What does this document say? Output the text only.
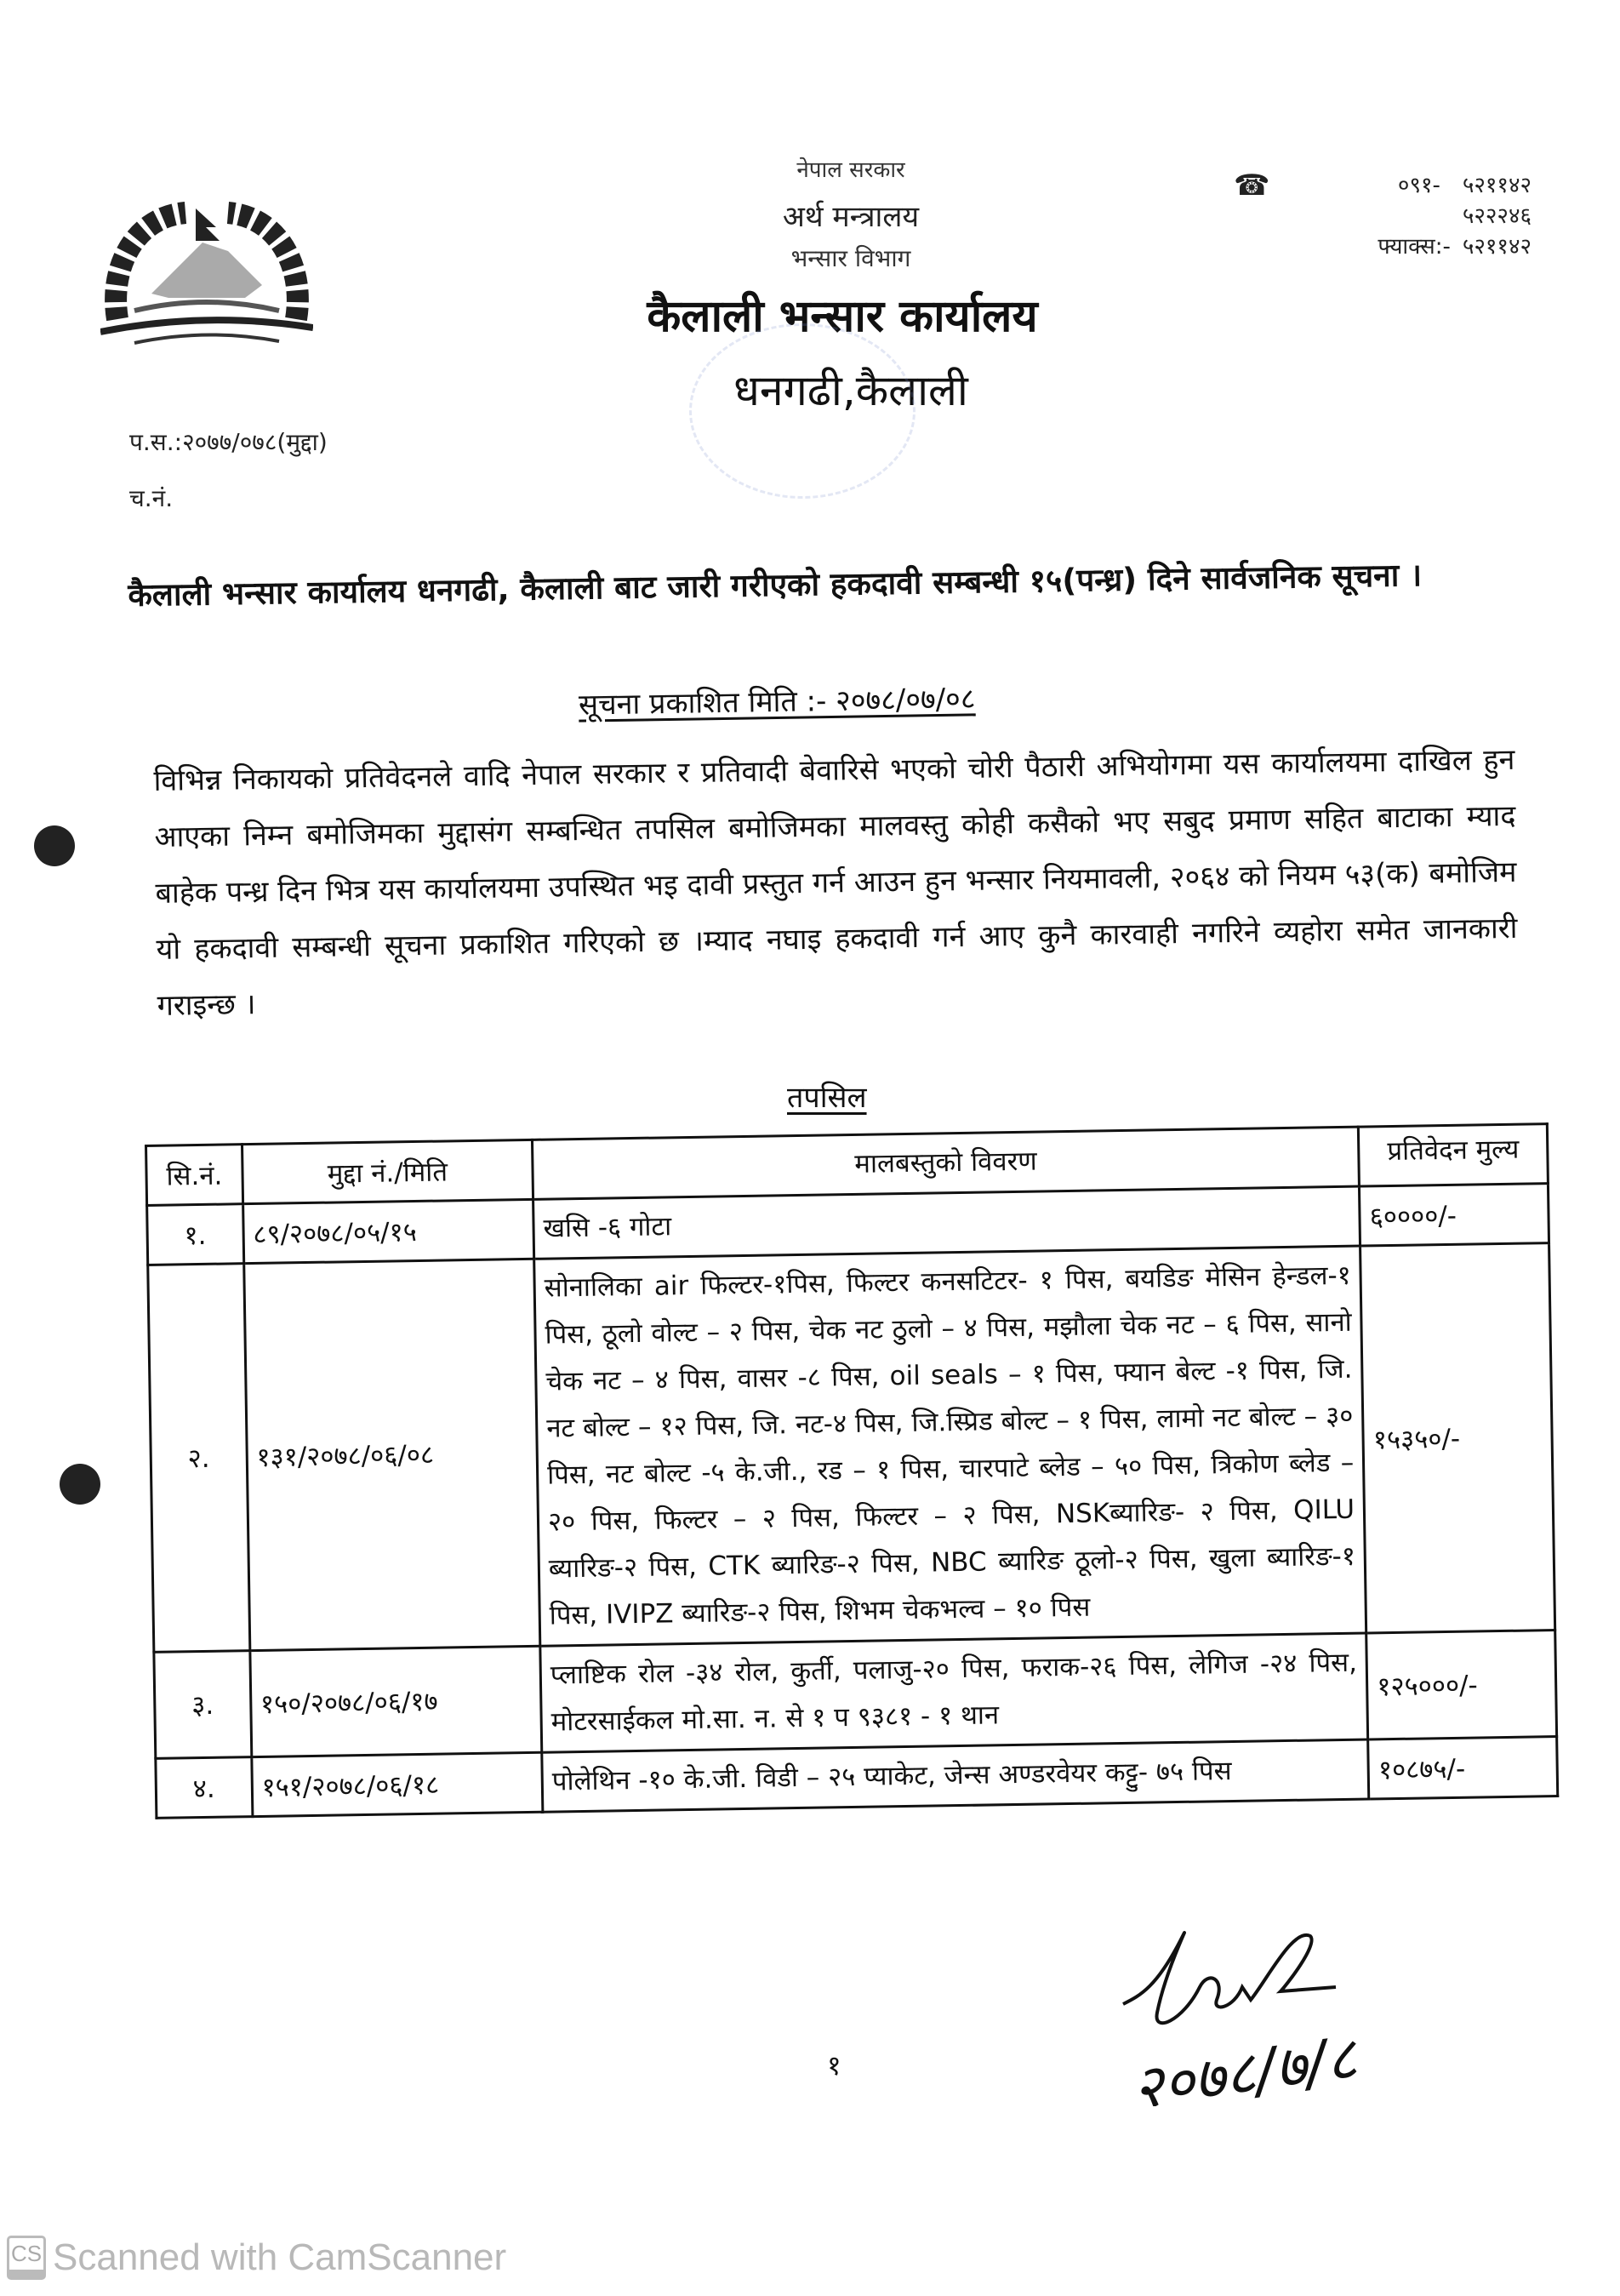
नेपाल सरकार
अर्थ मन्त्रालय
भन्सार विभाग
कैलाली भन्सार कार्यालय
धनगढी,कैलाली
☎	०९१- ५२११४२
५२२२४६
फ्याक्स:- ५२११४२
प.स.:२०७७/०७८(मुद्दा)
च.नं.
कैलाली भन्सार कार्यालय धनगढी, कैलाली बाट जारी गरीएको हकदावी सम्बन्धी १५(पन्ध्र) दिने सार्वजनिक सूचना ।
सूचना प्रकाशित मिति :- २०७८/०७/०८
विभिन्न निकायको प्रतिवेदनले वादि नेपाल सरकार र प्रतिवादी बेवारिसे भएको चोरी पैठारी अभियोगमा यस कार्यालयमा दाखिल हुन आएका निम्न बमोजिमका मुद्दासंग सम्बन्धित तपसिल बमोजिमका मालवस्तु कोही कसैको भए सबुद प्रमाण सहित बाटाका म्याद बाहेक पन्ध्र दिन भित्र यस कार्यालयमा उपस्थित भइ दावी प्रस्तुत गर्न आउन हुन भन्सार नियमावली, २०६४ को नियम ५३(क) बमोजिम यो हकदावी सम्बन्धी सूचना प्रकाशित गरिएको छ ।म्याद नघाइ हकदावी गर्न आए कुनै कारवाही नगरिने व्यहोरा समेत जानकारी गराइन्छ ।
तपसिल
सि.नं.	मुद्दा नं./मिति	मालबस्तुको विवरण	प्रतिवेदन मुल्य
१.	८९/२०७८/०५/१५	खसि -६ गोटा	६००००/-
२.	१३१/२०७८/०६/०८	सोनालिका air फिल्टर-१पिस, फिल्टर कनसटिटर- १ पिस, बयडिङ मेसिन हेन्डल-१ पिस, ठूलो वोल्ट – २ पिस, चेक नट ठुलो – ४ पिस, मझौला चेक नट – ६ पिस, सानो चेक नट – ४ पिस, वासर -८ पिस, oil seals – १ पिस, फ्यान बेल्ट -१ पिस, जि. नट बोल्ट – १२ पिस, जि. नट-४ पिस, जि.स्प्रिड बोल्ट – १ पिस, लामो नट बोल्ट – ३० पिस, नट बोल्ट -५ के.जी., रड – १ पिस, चारपाटे ब्लेड – ५० पिस, त्रिकोण ब्लेड – २० पिस, फिल्टर – २ पिस, फिल्टर – २ पिस, NSKब्यारिङ- २ पिस, QILU ब्यारिङ-२ पिस, CTK ब्यारिङ-२ पिस, NBC ब्यारिङ ठूलो-२ पिस, खुला ब्यारिङ-१ पिस, IVIPZ ब्यारिङ-२ पिस, शिभम चेकभल्व – १० पिस	१५३५०/-
३.	१५०/२०७८/०६/१७	प्लाष्टिक रोल -३४ रोल, कुर्ती, पलाजु-२० पिस, फराक-२६ पिस, लेगिज -२४ पिस, मोटरसाईकल मो.सा. न. से १ प ९३८१ - १ थान	१२५०००/-
४.	१५१/२०७८/०६/१८	पोलेथिन -१० के.जी. विडी – २५ प्याकेट, जेन्स अण्डरवेयर कट्टु- ७५ पिस	१०८७५/-
२०७८/७/८
१
CS Scanned with CamScanner
